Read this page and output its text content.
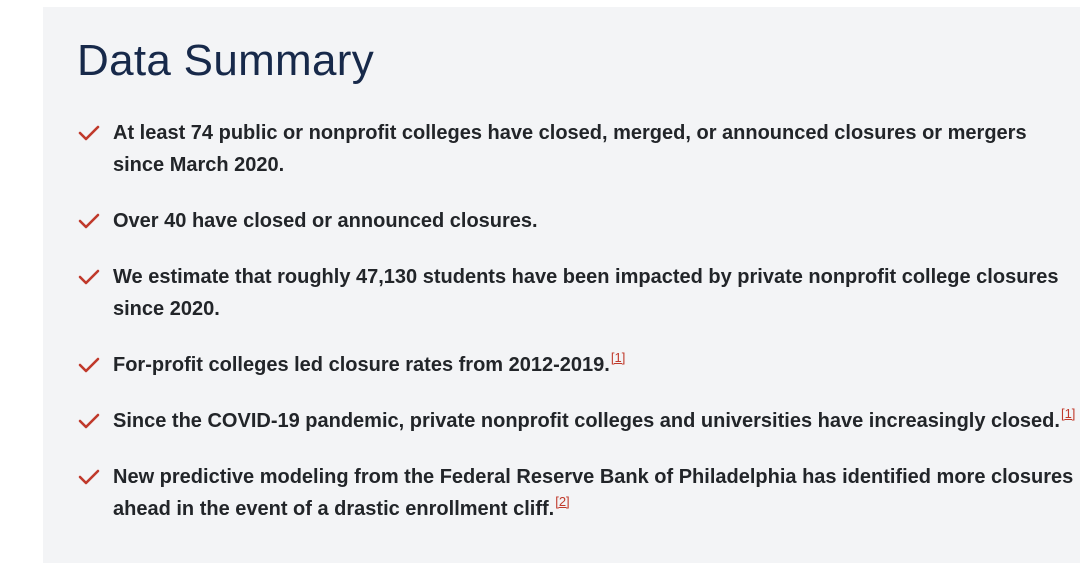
Data Summary
At least 74 public or nonprofit colleges have closed, merged, or announced closures or mergers since March 2020.
Over 40 have closed or announced closures.
We estimate that roughly 47,130 students have been impacted by private nonprofit college closures since 2020.
For-profit colleges led closure rates from 2012-2019.[1]
Since the COVID-19 pandemic, private nonprofit colleges and universities have increasingly closed.[1]
New predictive modeling from the Federal Reserve Bank of Philadelphia has identified more closures ahead in the event of a drastic enrollment cliff.[2]
